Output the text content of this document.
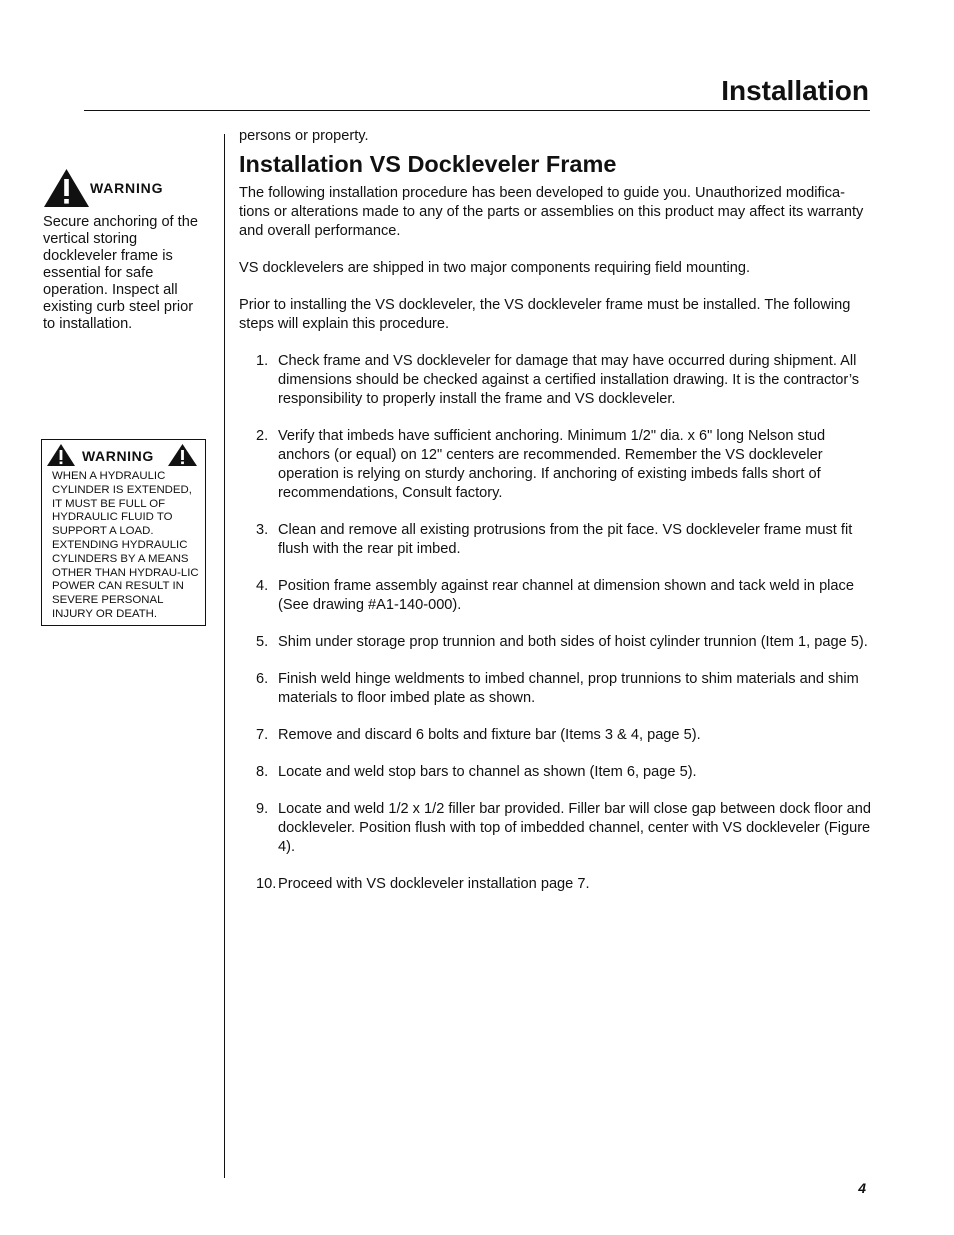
Installation
WARNING
Secure anchoring of the vertical storing dockleveler frame is essential for safe operation. Inspect all existing curb steel prior to installation.
WARNING

WHEN A HYDRAULIC CYLINDER IS EXTENDED, IT MUST BE FULL OF HYDRAULIC FLUID TO SUPPORT A LOAD. EXTENDING HYDRAULIC CYLINDERS BY A MEANS OTHER THAN HYDRAU-LIC POWER CAN RESULT IN SEVERE PERSONAL INJURY OR DEATH.

persons or property.

Installation VS Dockleveler Frame

The following installation procedure has been developed to guide you. Unauthorized modifica-tions or alterations made to any of the parts or assemblies on this product may affect its warranty and overall performance.

VS docklevelers are shipped in two major components requiring field mounting.

Prior to installing the VS dockleveler, the VS dockleveler frame must be installed. The following steps will explain this procedure.

1. Check frame and VS dockleveler for damage that may have occurred during shipment. All dimensions should be checked against a certified installation drawing. It is the contractor’s responsibility to properly install the frame and VS dockleveler.
2. Verify that imbeds have sufficient anchoring. Minimum 1/2" dia. x 6" long Nelson stud anchors (or equal) on 12" centers are recommended. Remember the VS dockleveler operation is relying on sturdy anchoring. If anchoring of existing imbeds falls short of recommendations, Consult factory.
3. Clean and remove all existing protrusions from the pit face. VS dockleveler frame must fit flush with the rear pit imbed.
4. Position frame assembly against rear channel at dimension shown and tack weld in place (See drawing #A1-140-000).
5. Shim under storage prop trunnion and both sides of hoist cylinder trunnion (Item 1, page 5).
6. Finish weld hinge weldments to imbed channel, prop trunnions to shim materials and shim materials to floor imbed plate as shown.
7. Remove and discard 6 bolts and fixture bar (Items 3 & 4, page 5).
8. Locate and weld stop bars to channel as shown (Item 6, page 5).
9. Locate and weld 1/2 x 1/2 filler bar provided. Filler bar will close gap between dock floor and dockleveler. Position flush with top of imbedded channel, center with VS dockleveler (Figure 4).
10. Proceed with VS dockleveler installation page 7.
4
